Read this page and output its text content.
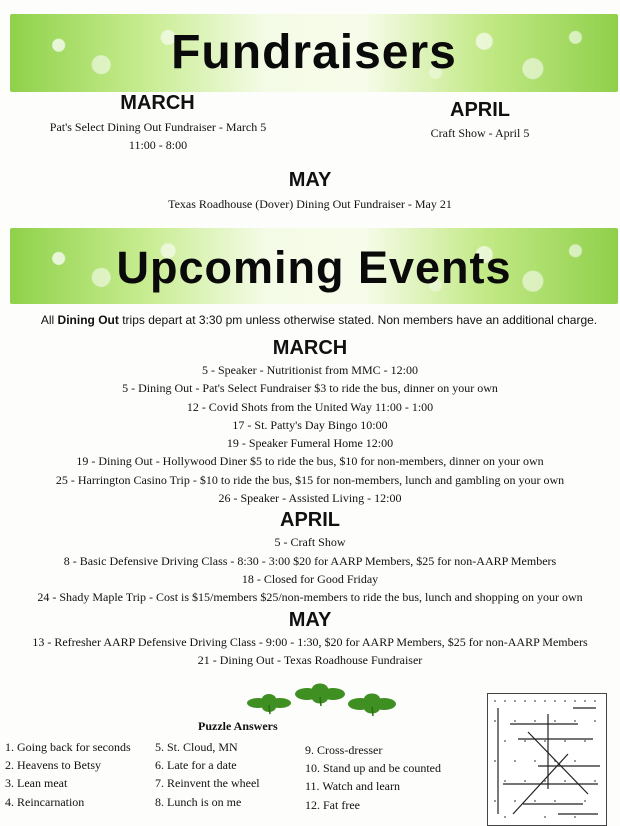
Fundraisers
MARCH
Pat's Select Dining Out Fundraiser - March 5
11:00 - 8:00
APRIL
Craft Show - April 5
MAY
Texas Roadhouse (Dover) Dining Out Fundraiser - May 21
Upcoming Events
All Dining Out trips depart at 3:30 pm unless otherwise stated. Non members have an additional charge.
MARCH
5 - Speaker - Nutritionist from MMC - 12:00
5 - Dining Out - Pat's Select Fundraiser $3 to ride the bus, dinner on your own
12 - Covid Shots from the United Way 11:00 - 1:00
17 - St. Patty's Day Bingo 10:00
19 - Speaker Fumeral Home 12:00
19 - Dining Out - Hollywood Diner $5 to ride the bus, $10 for non-members, dinner on your own
25 - Harrington Casino Trip - $10 to ride the bus, $15 for non-members, lunch and gambling on your own
26 - Speaker - Assisted Living - 12:00
APRIL
5 - Craft Show
8 - Basic Defensive Driving Class - 8:30 - 3:00 $20 for AARP Members, $25 for non-AARP Members
18 - Closed for Good Friday
24 - Shady Maple Trip - Cost is $15/members $25/non-members to ride the bus, lunch and shopping on your own
MAY
13 - Refresher AARP Defensive Driving Class - 9:00 - 1:30, $20 for AARP Members, $25 for non-AARP Members
21 - Dining Out - Texas Roadhouse Fundraiser
Puzzle Answers
1. Going back for seconds
2. Heavens to Betsy
3. Lean meat
4. Reincarnation
5. St. Cloud, MN
6. Late for a date
7. Reinvent the wheel
8. Lunch is on me
9. Cross-dresser
10. Stand up and be counted
11. Watch and learn
12. Fat free
